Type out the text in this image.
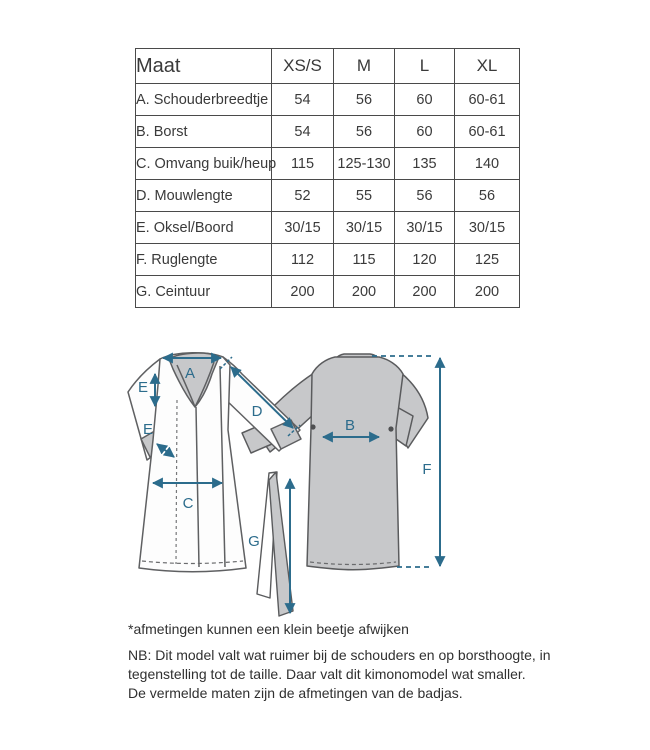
Maat	XS/S	M	L	XL
A. Schouderbreedtje	54	56	60	60-61
B. Borst	54	56	60	60-61
C. Omvang buik/heup	115	125-130	135	140
D. Mouwlengte	52	55	56	56
E. Oksel/Boord	30/15	30/15	30/15	30/15
F. Ruglengte	112	115	120	125
G. Ceintuur	200	200	200	200
A
E
E
D
C
G
B
F

*afmetingen kunnen een klein beetje afwijken

NB: Dit model valt wat ruimer bij de schouders en op borsthoogte, in

tegenstelling tot de taille. Daar valt dit kimonomodel wat smaller.

De vermelde maten zijn de afmetingen van de badjas.
